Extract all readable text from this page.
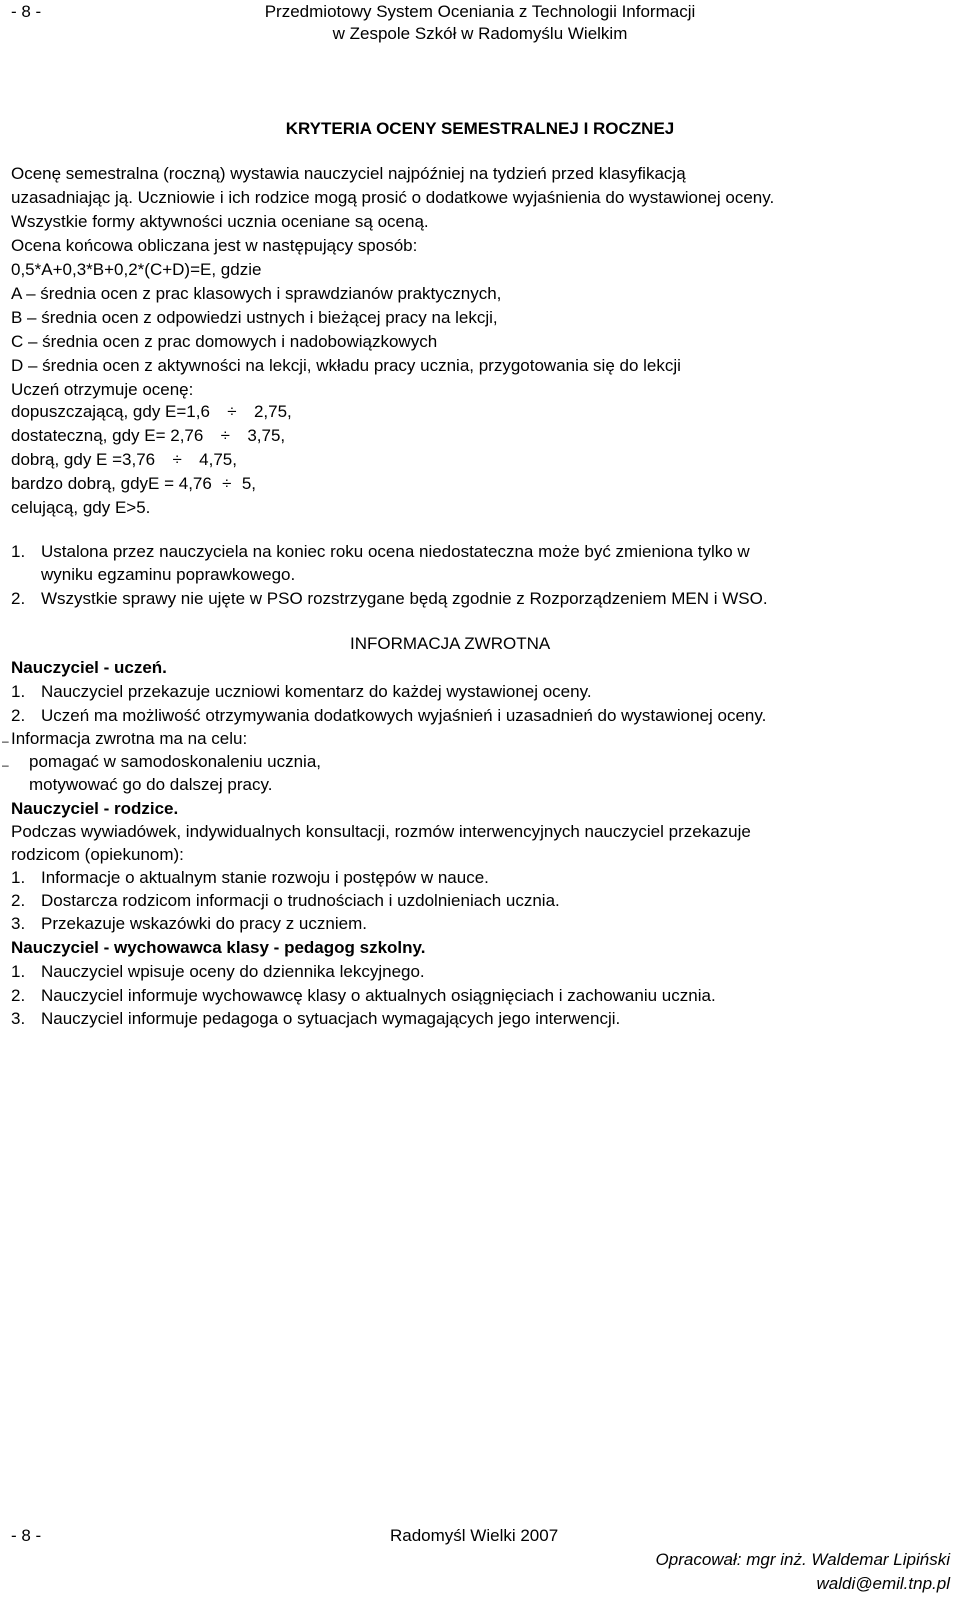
- 8 -	Przedmiotowy System Oceniania z Technologii Informacji
w Zespole Szkół w Radomyślu Wielkim
KRYTERIA OCENY SEMESTRALNEJ I ROCZNEJ
Ocenę semestralna (roczną) wystawia nauczyciel najpóźniej na tydzień przed klasyfikacją
uzasadniając ją. Uczniowie i ich rodzice mogą prosić o dodatkowe wyjaśnienia do wystawionej oceny.
Wszystkie formy aktywności ucznia oceniane są oceną.
Ocena końcowa obliczana jest w następujący sposób:
0,5*A+0,3*B+0,2*(C+D)=E, gdzie
A – średnia ocen z prac klasowych i sprawdzianów praktycznych,
B – średnia ocen z odpowiedzi ustnych i bieżącej pracy na lekcji,
C – średnia ocen z prac domowych i nadobowiązkowych
D – średnia ocen z aktywności na lekcji, wkładu pracy ucznia, przygotowania się do lekcji
Uczeń otrzymuje ocenę:
dopuszczającą, gdy E=1,6 ÷ 2,75,
dostateczną, gdy E= 2,76 ÷ 3,75,
dobrą, gdy E =3,76 ÷ 4,75,
bardzo dobrą, gdyE = 4,76 ÷ 5,
celującą, gdy E>5.
1. Ustalona przez nauczyciela na koniec roku ocena niedostateczna może być zmieniona tylko w
wyniku egzaminu poprawkowego.
2. Wszystkie sprawy nie ujęte w PSO rozstrzygane będą zgodnie z Rozporządzeniem MEN i WSO.
INFORMACJA ZWROTNA
Nauczyciel - uczeń.
1. Nauczyciel przekazuje uczniowi komentarz do każdej wystawionej oceny.
2. Uczeń ma możliwość otrzymywania dodatkowych wyjaśnień i uzasadnień do wystawionej oceny.
Informacja zwrotna ma na celu:
–
pomagać w samodoskonaleniu ucznia,
–
motywować go do dalszej pracy.
Nauczyciel - rodzice.
Podczas wywiadówek, indywidualnych konsultacji, rozmów interwencyjnych nauczyciel przekazuje
rodzicom (opiekunom):
1. Informacje o aktualnym stanie rozwoju i postępów w nauce.
2. Dostarcza rodzicom informacji o trudnościach i uzdolnieniach ucznia.
3. Przekazuje wskazówki do pracy z uczniem.
Nauczyciel - wychowawca klasy - pedagog szkolny.
1. Nauczyciel wpisuje oceny do dziennika lekcyjnego.
2. Nauczyciel informuje wychowawcę klasy o aktualnych osiągnięciach i zachowaniu ucznia.
3. Nauczyciel informuje pedagoga o sytuacjach wymagających jego interwencji.
- 8 -	Radomyśl Wielki 2007
Opracował: mgr inż. Waldemar Lipiński
waldi@emil.tnp.pl
